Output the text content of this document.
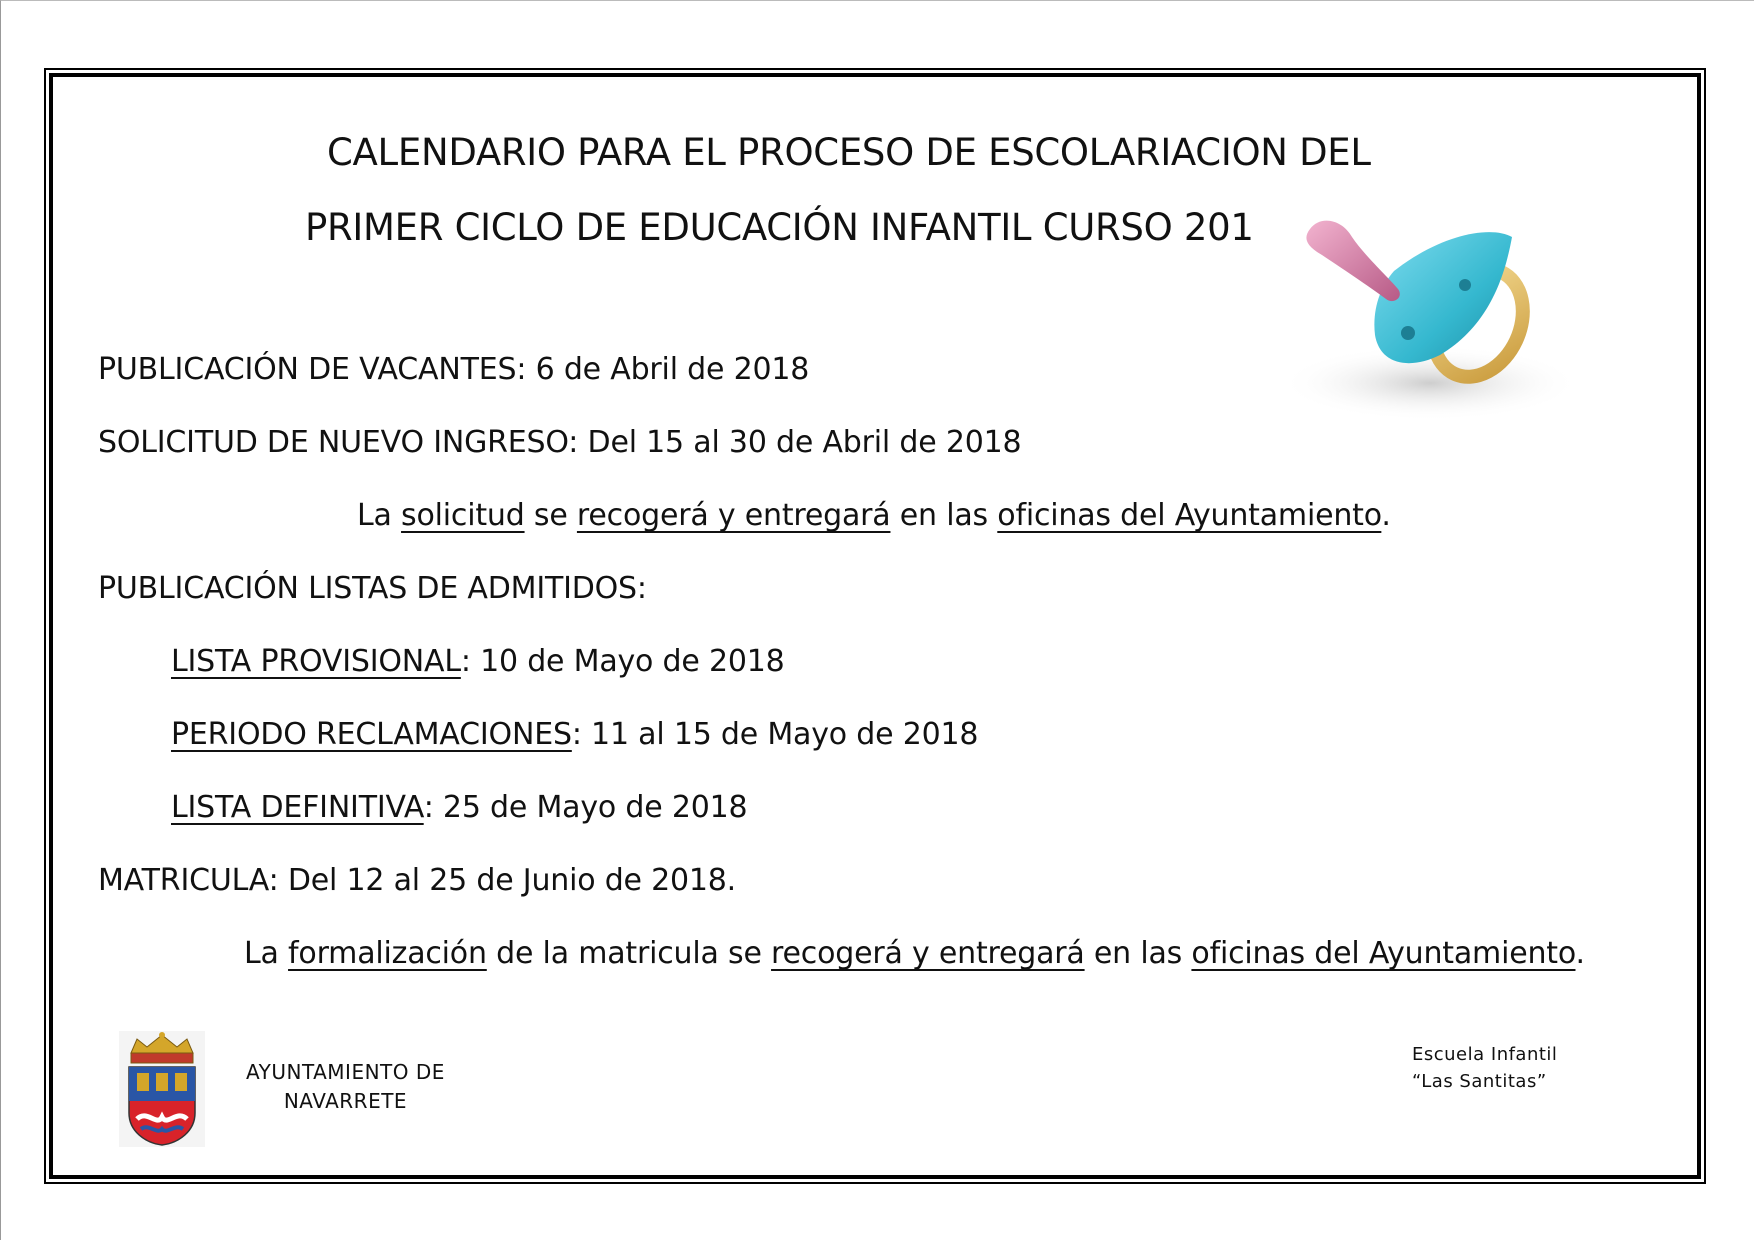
CALENDARIO PARA EL PROCESO DE ESCOLARIACION DEL
PRIMER CICLO DE EDUCACIÓN INFANTIL CURSO 201
PUBLICACIÓN DE VACANTES: 6 de Abril de 2018
SOLICITUD DE NUEVO INGRESO: Del 15 al 30 de Abril de 2018
La solicitud se recogerá y entregará en las oficinas del Ayuntamiento.
PUBLICACIÓN LISTAS DE ADMITIDOS:
LISTA PROVISIONAL: 10 de Mayo de 2018
PERIODO RECLAMACIONES: 11 al 15 de Mayo de 2018
LISTA DEFINITIVA: 25 de Mayo de 2018
MATRICULA: Del 12 al 25 de Junio de 2018.
La formalización de la matricula se recogerá y entregará en las oficinas del Ayuntamiento.
AYUNTAMIENTO DE
NAVARRETE
Escuela Infantil
“Las Santitas”
